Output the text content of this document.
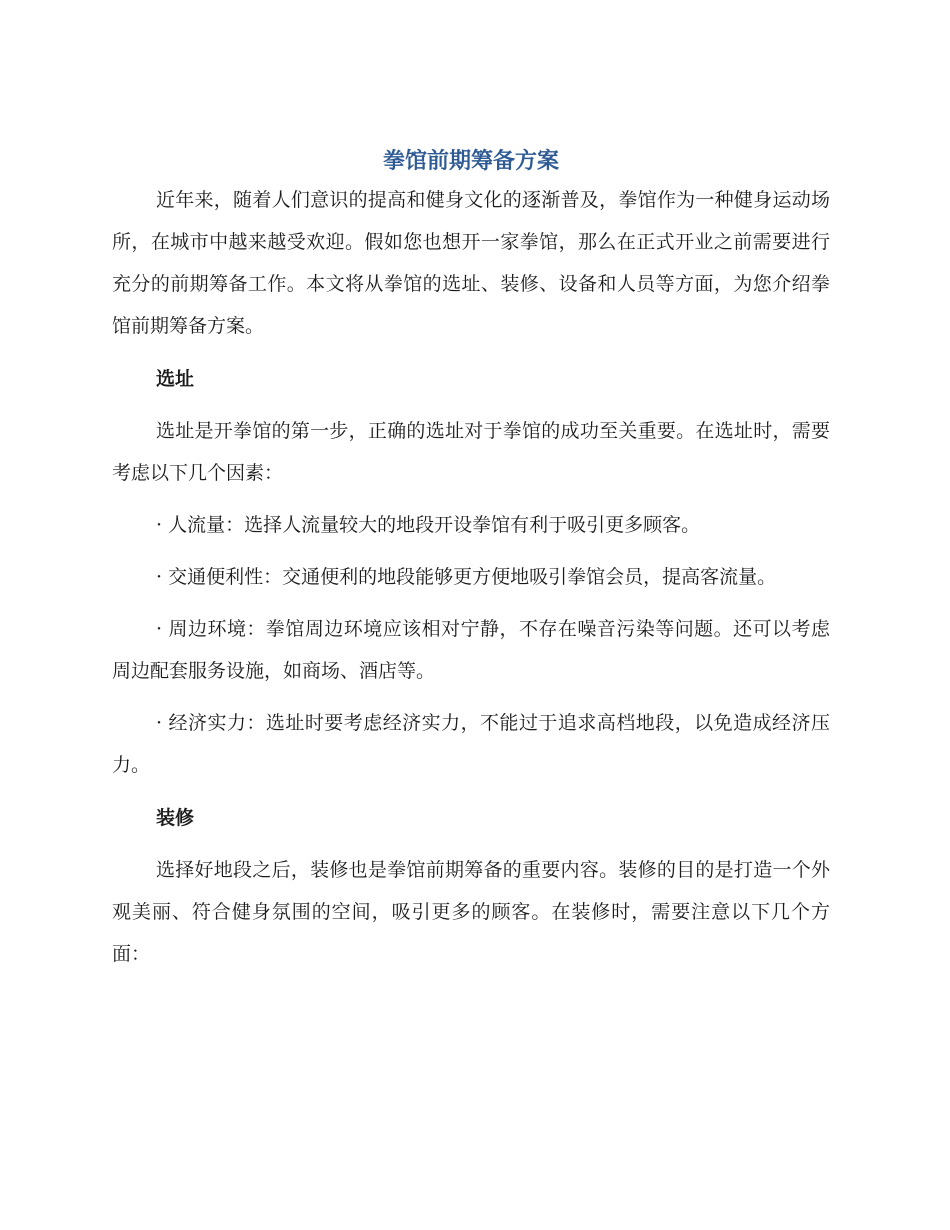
拳馆前期筹备方案

近年来，随着人们意识的提高和健身文化的逐渐普及，拳馆作为一种健身运动场所，在城市中越来越受欢迎。假如您也想开一家拳馆，那么在正式开业之前需要进行充分的前期筹备工作。本文将从拳馆的选址、装修、设备和人员等方面，为您介绍拳馆前期筹备方案。

选址

选址是开拳馆的第一步，正确的选址对于拳馆的成功至关重要。在选址时，需要考虑以下几个因素：

· 人流量：选择人流量较大的地段开设拳馆有利于吸引更多顾客。

· 交通便利性：交通便利的地段能够更方便地吸引拳馆会员，提高客流量。

· 周边环境：拳馆周边环境应该相对宁静，不存在噪音污染等问题。还可以考虑周边配套服务设施，如商场、酒店等。

· 经济实力：选址时要考虑经济实力，不能过于追求高档地段，以免造成经济压力。

装修

选择好地段之后，装修也是拳馆前期筹备的重要内容。装修的目的是打造一个外观美丽、符合健身氛围的空间，吸引更多的顾客。在装修时，需要注意以下几个方面：
